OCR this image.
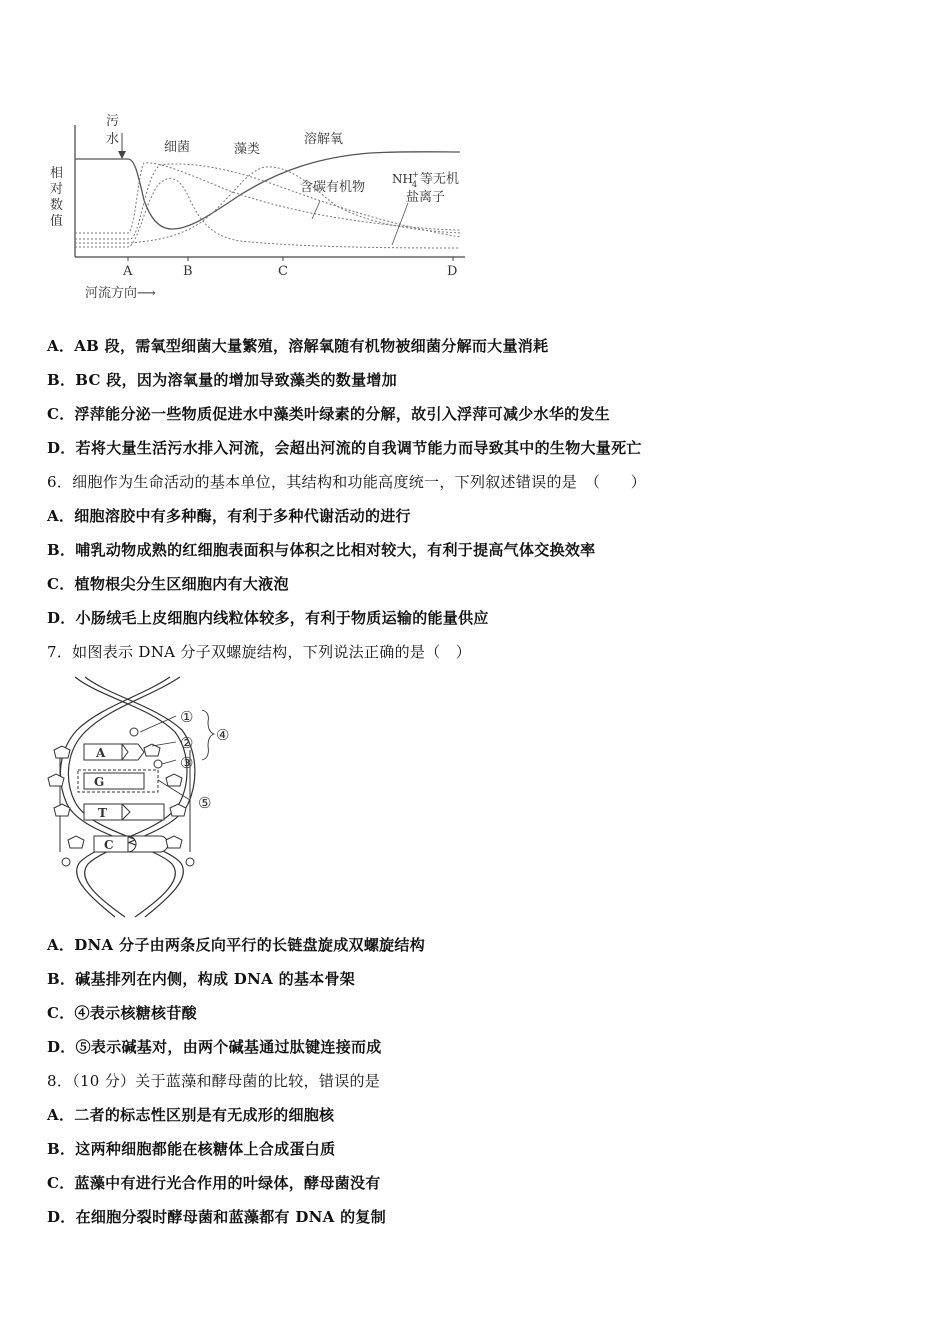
污
水
相
对
数
值
细菌	藻类
溶解氧
含碳有机物
NH 4
+ 等无机
盐离子
A	B	C	D
河流方向⟶
A．AB 段，需氧型细菌大量繁殖，溶解氧随有机物被细菌分解而大量消耗
B．BC 段，因为溶氧量的增加导致藻类的数量增加
C．浮萍能分泌一些物质促进水中藻类叶绿素的分解，故引入浮萍可减少水华的发生
D．若将大量生活污水排入河流，会超出河流的自我调节能力而导致其中的生物大量死亡
6．细胞作为生命活动的基本单位，其结构和功能高度统一，下列叙述错误的是　（　　）
A．细胞溶胶中有多种酶，有利于多种代谢活动的进行
B．哺乳动物成熟的红细胞表面积与体积之比相对较大，有利于提高气体交换效率
C．植物根尖分生区细胞内有大液泡
D．小肠绒毛上皮细胞内线粒体较多，有利于物质运输的能量供应
7．如图表示 DNA 分子双螺旋结构，下列说法正确的是（　）
A
G
T
C
①
②
③
④
⑤
A．DNA 分子由两条反向平行的长链盘旋成双螺旋结构
B．碱基排列在内侧，构成 DNA 的基本骨架
C．④表示核糖核苷酸
D．⑤表示碱基对，由两个碱基通过肽键连接而成
8．（10 分）关于蓝藻和酵母菌的比较，错误的是
A．二者的标志性区别是有无成形的细胞核
B．这两种细胞都能在核糖体上合成蛋白质
C．蓝藻中有进行光合作用的叶绿体，酵母菌没有
D．在细胞分裂时酵母菌和蓝藻都有 DNA 的复制
